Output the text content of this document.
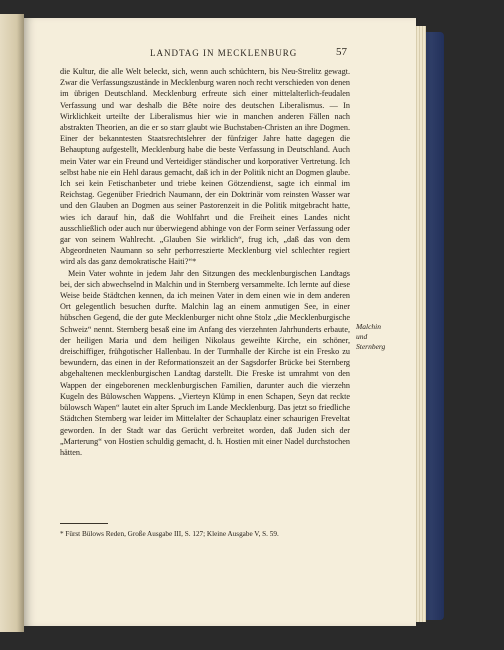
LANDTAG IN MECKLENBURG	57

die Kultur, die alle Welt beleckt, sich, wenn auch schüchtern, bis Neu-Strelitz gewagt. Zwar die Verfassungszustände in Mecklenburg waren noch recht verschieden von denen im übrigen Deutschland. Mecklenburg erfreute sich einer mittelalterlich-feudalen Verfassung und war deshalb die Bête noire des deutschen Liberalismus. — In Wirklichkeit urteilte der Liberalismus hier wie in manchen anderen Fällen nach abstrakten Theorien, an die er so starr glaubt wie Buchstaben-Christen an ihre Dogmen. Einer der bekanntesten Staatsrechtslehrer der fünfziger Jahre hatte dagegen die Behauptung aufgestellt, Mecklenburg habe die beste Verfassung in Deutschland. Auch mein Vater war ein Freund und Verteidiger ständischer und korporativer Vertretung. Ich selbst habe nie ein Hehl daraus gemacht, daß ich in der Politik nicht an Dogmen glaube. Ich sei kein Fetischanbeter und triebe keinen Götzendienst, sagte ich einmal im Reichstag. Gegenüber Friedrich Naumann, der ein Doktrinär vom reinsten Wasser war und den Glauben an Dogmen aus seiner Pastorenzeit in die Politik mitgebracht hatte, wies ich darauf hin, daß die Wohlfahrt und die Freiheit eines Landes nicht ausschließlich oder auch nur überwiegend abhinge von der Form seiner Verfassung oder gar von seinem Wahlrecht. „Glauben Sie wirklich“, frug ich, „daß das von dem Abgeordneten Naumann so sehr perhorreszierte Mecklenburg viel schlechter regiert wird als das ganz demokratische Haiti?“*

Mein Vater wohnte in jedem Jahr den Sitzungen des mecklenburgischen Landtags bei, der sich abwechselnd in Malchin und in Sternberg versammelte. Ich lernte auf diese Weise beide Städtchen kennen, da ich meinen Vater in dem einen wie in dem anderen Ort gelegentlich besuchen durfte. Malchin lag an einem anmutigen See, in einer hübschen Gegend, die der gute Mecklenburger nicht ohne Stolz „die Mecklenburgische Schweiz“ nennt. Sternberg besaß eine im Anfang des vierzehnten Jahrhunderts erbaute, der heiligen Maria und dem heiligen Nikolaus geweihte Kirche, ein schöner, dreischiffiger, frühgotischer Hallenbau. In der Turmhalle der Kirche ist ein Fresko zu bewundern, das einen in der Reformationszeit an der Sagsdorfer Brücke bei Sternberg abgehaltenen mecklenburgischen Landtag darstellt. Die Freske ist umrahmt von den Wappen der eingeborenen mecklenburgischen Familien, darunter auch die vierzehn Kugeln des Bülowschen Wappens. „Vierteyn Klümp in enen Schapen, Seyn dat reckte bülowsch Wapen“ lautet ein alter Spruch im Lande Mecklenburg. Das jetzt so friedliche Städtchen Sternberg war leider im Mittelalter der Schauplatz einer schaurigen Freveltat geworden. In der Stadt war das Gerücht verbreitet worden, daß Juden sich der „Marterung“ von Hostien schuldig gemacht, d. h. Hostien mit einer Nadel durchstochen hätten.

Malchin
und
Sternberg
* Fürst Bülows Reden, Große Ausgabe III, S. 127; Kleine Ausgabe V, S. 59.
